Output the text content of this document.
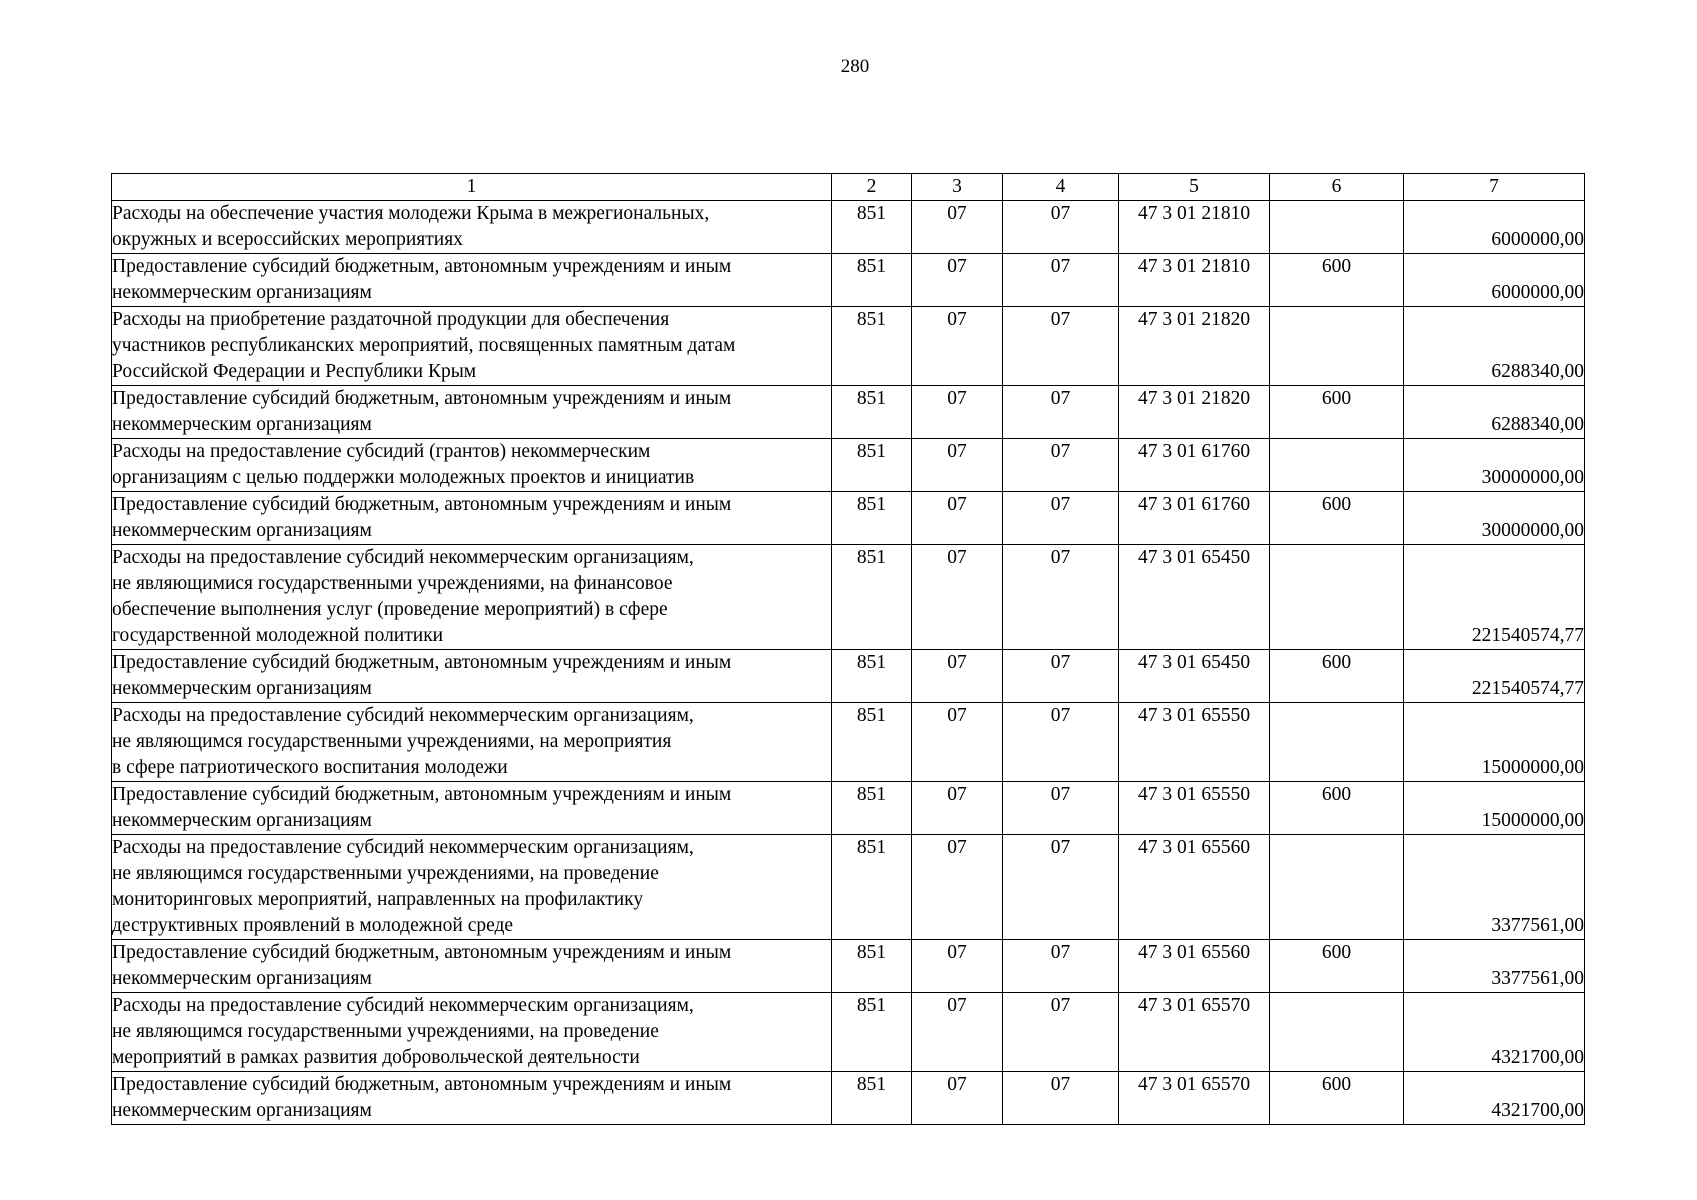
280
1	2	3	4	5	6	7
Расходы на обеспечение участия молодежи Крыма в межрегиональных,
окружных и всероссийских мероприятиях	851	07	07	47 3 01 21810		6000000,00
Предоставление субсидий бюджетным, автономным учреждениям и иным
некоммерческим организациям	851	07	07	47 3 01 21810	600	6000000,00
Расходы на приобретение раздаточной продукции для обеспечения
участников республиканских мероприятий, посвященных памятным датам
Российской Федерации и Республики Крым	851	07	07	47 3 01 21820		6288340,00
Предоставление субсидий бюджетным, автономным учреждениям и иным
некоммерческим организациям	851	07	07	47 3 01 21820	600	6288340,00
Расходы на предоставление субсидий (грантов) некоммерческим
организациям с целью поддержки молодежных проектов и инициатив	851	07	07	47 3 01 61760		30000000,00
Предоставление субсидий бюджетным, автономным учреждениям и иным
некоммерческим организациям	851	07	07	47 3 01 61760	600	30000000,00
Расходы на предоставление субсидий некоммерческим организациям,
не являющимися государственными учреждениями, на финансовое
обеспечение выполнения услуг (проведение мероприятий) в сфере
государственной молодежной политики	851	07	07	47 3 01 65450		221540574,77
Предоставление субсидий бюджетным, автономным учреждениям и иным
некоммерческим организациям	851	07	07	47 3 01 65450	600	221540574,77
Расходы на предоставление субсидий некоммерческим организациям,
не являющимся государственными учреждениями, на мероприятия
в сфере патриотического воспитания молодежи	851	07	07	47 3 01 65550		15000000,00
Предоставление субсидий бюджетным, автономным учреждениям и иным
некоммерческим организациям	851	07	07	47 3 01 65550	600	15000000,00
Расходы на предоставление субсидий некоммерческим организациям,
не являющимся государственными учреждениями, на проведение
мониторинговых мероприятий, направленных на профилактику
деструктивных проявлений в молодежной среде	851	07	07	47 3 01 65560		3377561,00
Предоставление субсидий бюджетным, автономным учреждениям и иным
некоммерческим организациям	851	07	07	47 3 01 65560	600	3377561,00
Расходы на предоставление субсидий некоммерческим организациям,
не являющимся государственными учреждениями, на проведение
мероприятий в рамках развития добровольческой деятельности	851	07	07	47 3 01 65570		4321700,00
Предоставление субсидий бюджетным, автономным учреждениям и иным
некоммерческим организациям	851	07	07	47 3 01 65570	600	4321700,00
